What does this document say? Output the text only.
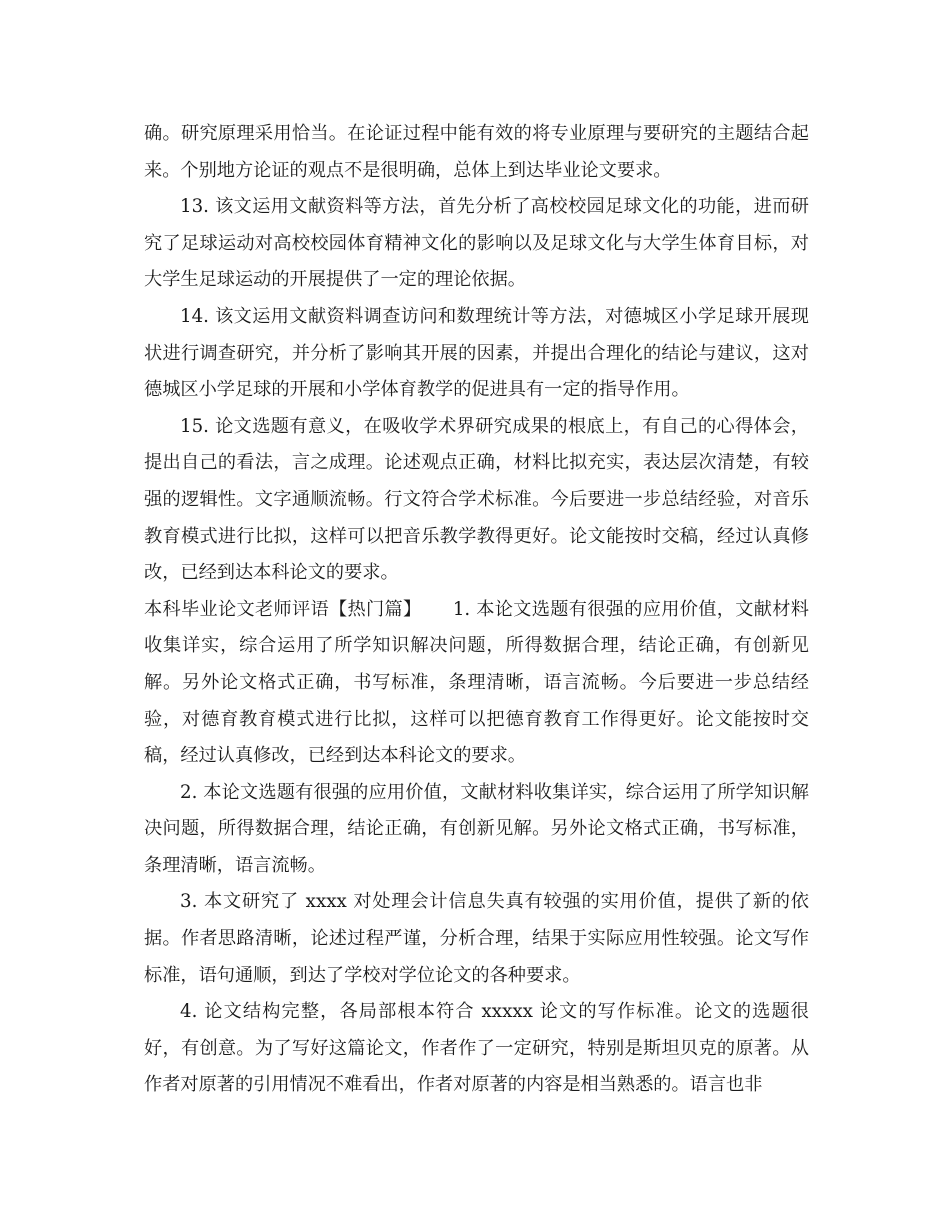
确。研究原理采用恰当。在论证过程中能有效的将专业原理与要研究的主题结合起来。个别地方论证的观点不是很明确，总体上到达毕业论文要求。

13. 该文运用文献资料等方法，首先分析了高校校园足球文化的功能，进而研究了足球运动对高校校园体育精神文化的影响以及足球文化与大学生体育目标，对大学生足球运动的开展提供了一定的理论依据。

14. 该文运用文献资料调查访问和数理统计等方法，对德城区小学足球开展现状进行调查研究，并分析了影响其开展的因素，并提出合理化的结论与建议，这对德城区小学足球的开展和小学体育教学的促进具有一定的指导作用。

15. 论文选题有意义，在吸收学术界研究成果的根底上，有自己的心得体会，提出自己的看法，言之成理。论述观点正确，材料比拟充实，表达层次清楚，有较强的逻辑性。文字通顺流畅。行文符合学术标准。今后要进一步总结经验，对音乐教育模式进行比拟，这样可以把音乐教学教得更好。论文能按时交稿，经过认真修改，已经到达本科论文的要求。

本科毕业论文老师评语【热门篇】   1. 本论文选题有很强的应用价值，文献材料收集详实，综合运用了所学知识解决问题，所得数据合理，结论正确，有创新见解。另外论文格式正确，书写标准，条理清晰，语言流畅。今后要进一步总结经验，对德育教育模式进行比拟，这样可以把德育教育工作得更好。论文能按时交稿，经过认真修改，已经到达本科论文的要求。

2. 本论文选题有很强的应用价值，文献材料收集详实，综合运用了所学知识解决问题，所得数据合理，结论正确，有创新见解。另外论文格式正确，书写标准，条理清晰，语言流畅。

3. 本文研究了 xxxx 对处理会计信息失真有较强的实用价值，提供了新的依据。作者思路清晰，论述过程严谨，分析合理，结果于实际应用性较强。论文写作标准，语句通顺，到达了学校对学位论文的各种要求。

4. 论文结构完整，各局部根本符合 xxxxx 论文的写作标准。论文的选题很好，有创意。为了写好这篇论文，作者作了一定研究，特别是斯坦贝克的原著。从作者对原著的引用情况不难看出，作者对原著的内容是相当熟悉的。语言也非
